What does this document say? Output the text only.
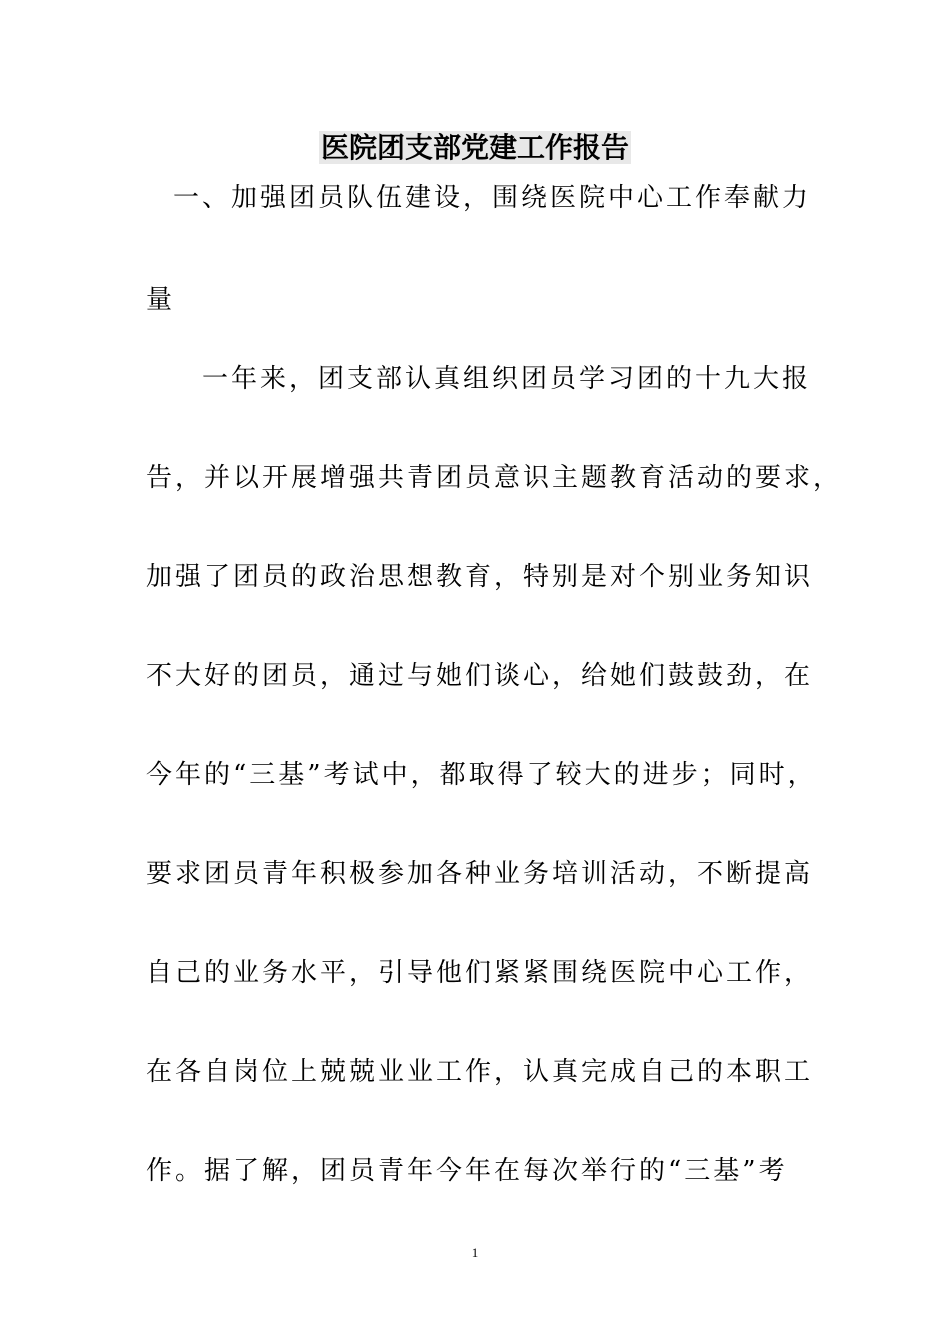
医院团支部党建工作报告
一、加强团员队伍建设，围绕医院中心工作奉献力
量
一年来，团支部认真组织团员学习团的十九大报
告，并以开展增强共青团员意识主题教育活动的要求，
加强了团员的政治思想教育，特别是对个别业务知识
不大好的团员，通过与她们谈心，给她们鼓鼓劲，在
今年的“三基”考试中，都取得了较大的进步；同时，
要求团员青年积极参加各种业务培训活动，不断提高
自己的业务水平，引导他们紧紧围绕医院中心工作，
在各自岗位上兢兢业业工作，认真完成自己的本职工
作。据了解，团员青年今年在每次举行的“三基”考
1
